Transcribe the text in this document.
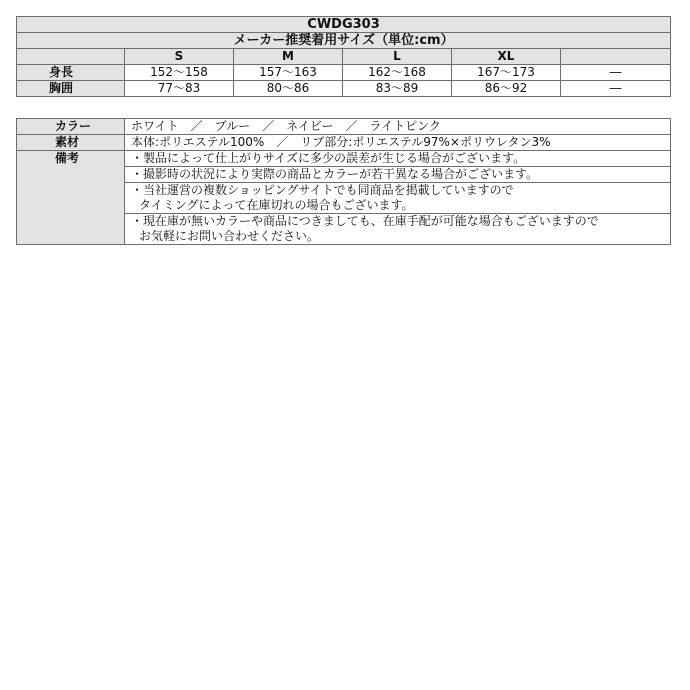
CWDG303					
メーカー推奨着用サイズ（単位:cm）					
	S	M	L	XL	
身長	152～158	157～163	162～168	167～173	―
胸囲	77～83	80～86	83～89	86～92	―
カラー	ホワイト　／　ブルー　／　ネイビー　／　ライトピンク
素材	本体:ポリエステル100%　／　リブ部分:ポリエステル97%×ポリウレタン3%
備考	・製品によって仕上がりサイズに多少の誤差が生じる場合がございます。

	・撮影時の状況により実際の商品とカラーが若干異なる場合がございます。

	・当社運営の複数ショッピングサイトでも同商品を掲載していますので
タイミングによって在庫切れの場合もございます。

	・現在庫が無いカラーや商品につきましても、在庫手配が可能な場合もございますので
お気軽にお問い合わせください。
